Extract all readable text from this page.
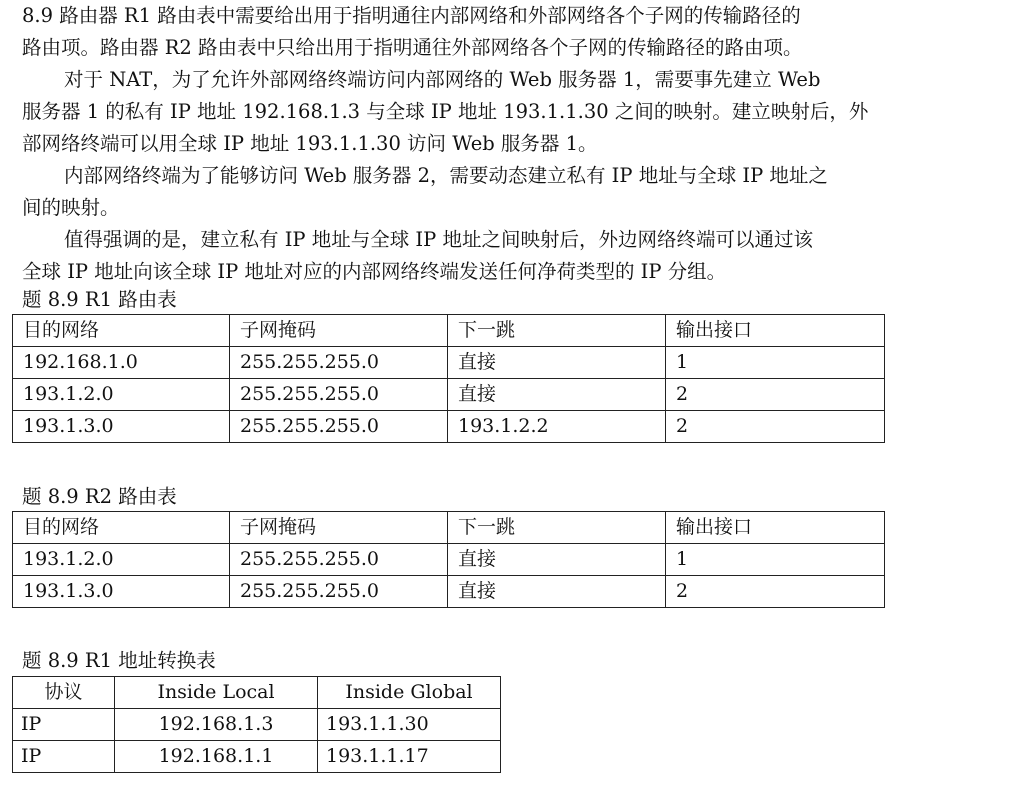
8.9 路由器 R1 路由表中需要给出用于指明通往内部网络和外部网络各个子网的传输路径的
路由项。路由器 R2 路由表中只给出用于指明通往外部网络各个子网的传输路径的路由项。

对于 NAT，为了允许外部网络终端访问内部网络的 Web 服务器 1，需要事先建立 Web
服务器 1 的私有 IP 地址 192.168.1.3 与全球 IP 地址 193.1.1.30 之间的映射。建立映射后，外
部网络终端可以用全球 IP 地址 193.1.1.30 访问 Web 服务器 1。

内部网络终端为了能够访问 Web 服务器 2，需要动态建立私有 IP 地址与全球 IP 地址之
间的映射。

值得强调的是，建立私有 IP 地址与全球 IP 地址之间映射后，外边网络终端可以通过该
全球 IP 地址向该全球 IP 地址对应的内部网络终端发送任何净荷类型的 IP 分组。

题 8.9 R1 路由表
目的网络	子网掩码	下一跳	输出接口
192.168.1.0	255.255.255.0	直接	1
193.1.2.0	255.255.255.0	直接	2
193.1.3.0	255.255.255.0	193.1.2.2	2
题 8.9 R2 路由表
目的网络	子网掩码	下一跳	输出接口
193.1.2.0	255.255.255.0	直接	1
193.1.3.0	255.255.255.0	直接	2
题 8.9 R1 地址转换表
协议	Inside Local	Inside Global
IP	192.168.1.3	193.1.1.30
IP	192.168.1.1	193.1.1.17
